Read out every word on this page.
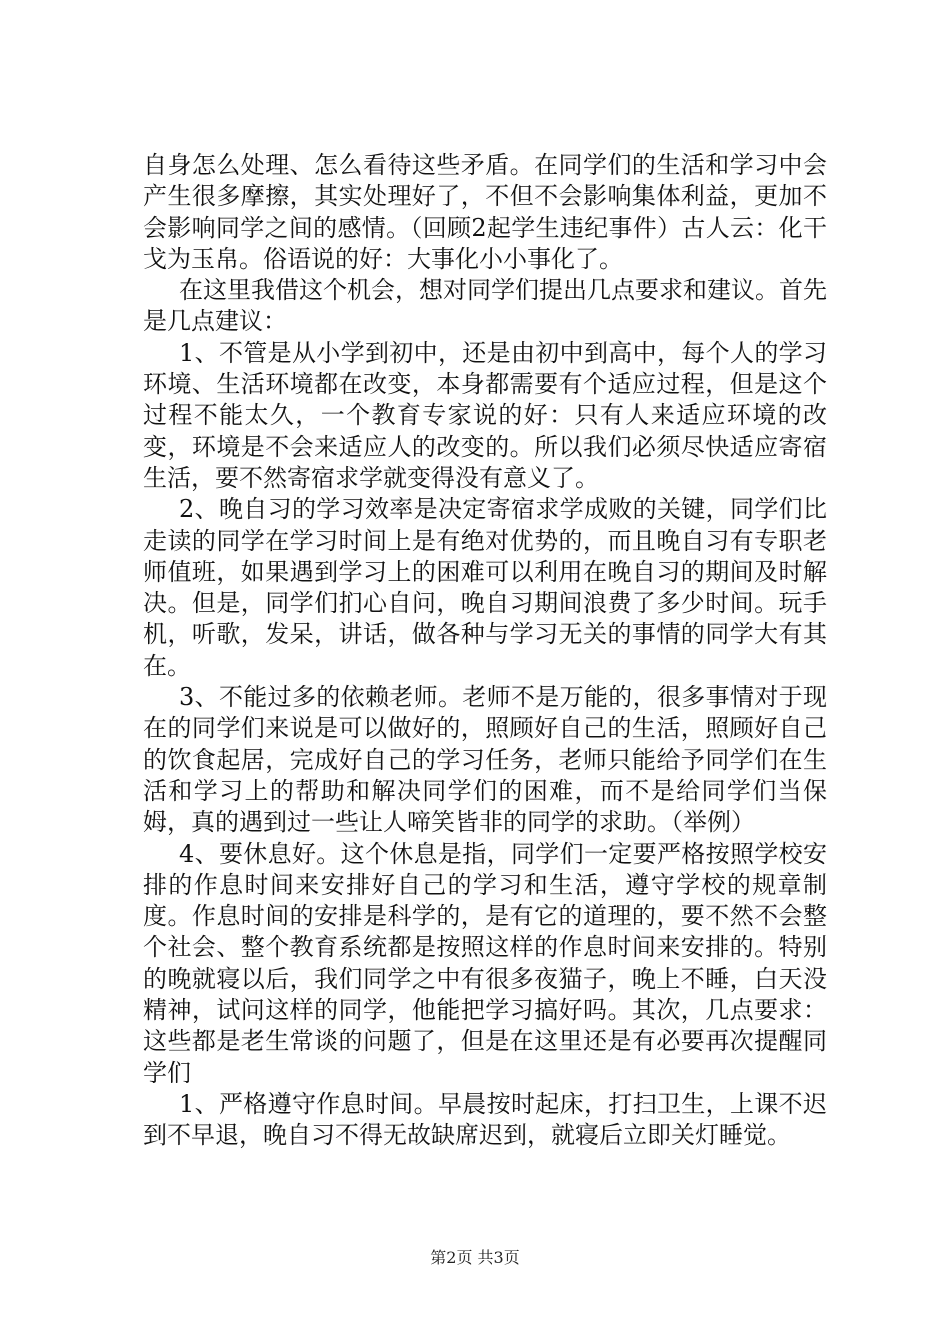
自身怎么处理、怎么看待这些矛盾。在同学们的生活和学习中会产生很多摩擦，其实处理好了，不但不会影响集体利益，更加不会影响同学之间的感情。（回顾2起学生违纪事件）古人云：化干戈为玉帛。俗语说的好：大事化小小事化了。

在这里我借这个机会，想对同学们提出几点要求和建议。首先是几点建议：

1、不管是从小学到初中，还是由初中到高中，每个人的学习环境、生活环境都在改变，本身都需要有个适应过程，但是这个过程不能太久，一个教育专家说的好：只有人来适应环境的改变，环境是不会来适应人的改变的。所以我们必须尽快适应寄宿生活，要不然寄宿求学就变得没有意义了。

2、晚自习的学习效率是决定寄宿求学成败的关键，同学们比走读的同学在学习时间上是有绝对优势的，而且晚自习有专职老师值班，如果遇到学习上的困难可以利用在晚自习的期间及时解决。但是，同学们扪心自问，晚自习期间浪费了多少时间。玩手机，听歌，发呆，讲话，做各种与学习无关的事情的同学大有其在。

3、不能过多的依赖老师。老师不是万能的，很多事情对于现在的同学们来说是可以做好的，照顾好自己的生活，照顾好自己的饮食起居，完成好自己的学习任务，老师只能给予同学们在生活和学习上的帮助和解决同学们的困难，而不是给同学们当保姆，真的遇到过一些让人啼笑皆非的同学的求助。（举例）

4、要休息好。这个休息是指，同学们一定要严格按照学校安排的作息时间来安排好自己的学习和生活，遵守学校的规章制度。作息时间的安排是科学的，是有它的道理的，要不然不会整个社会、整个教育系统都是按照这样的作息时间来安排的。特别的晚就寝以后，我们同学之中有很多夜猫子，晚上不睡，白天没精神，试问这样的同学，他能把学习搞好吗。其次，几点要求：这些都是老生常谈的问题了，但是在这里还是有必要再次提醒同学们

1、严格遵守作息时间。早晨按时起床，打扫卫生，上课不迟到不早退，晚自习不得无故缺席迟到，就寝后立即关灯睡觉。

第2页 共3页
